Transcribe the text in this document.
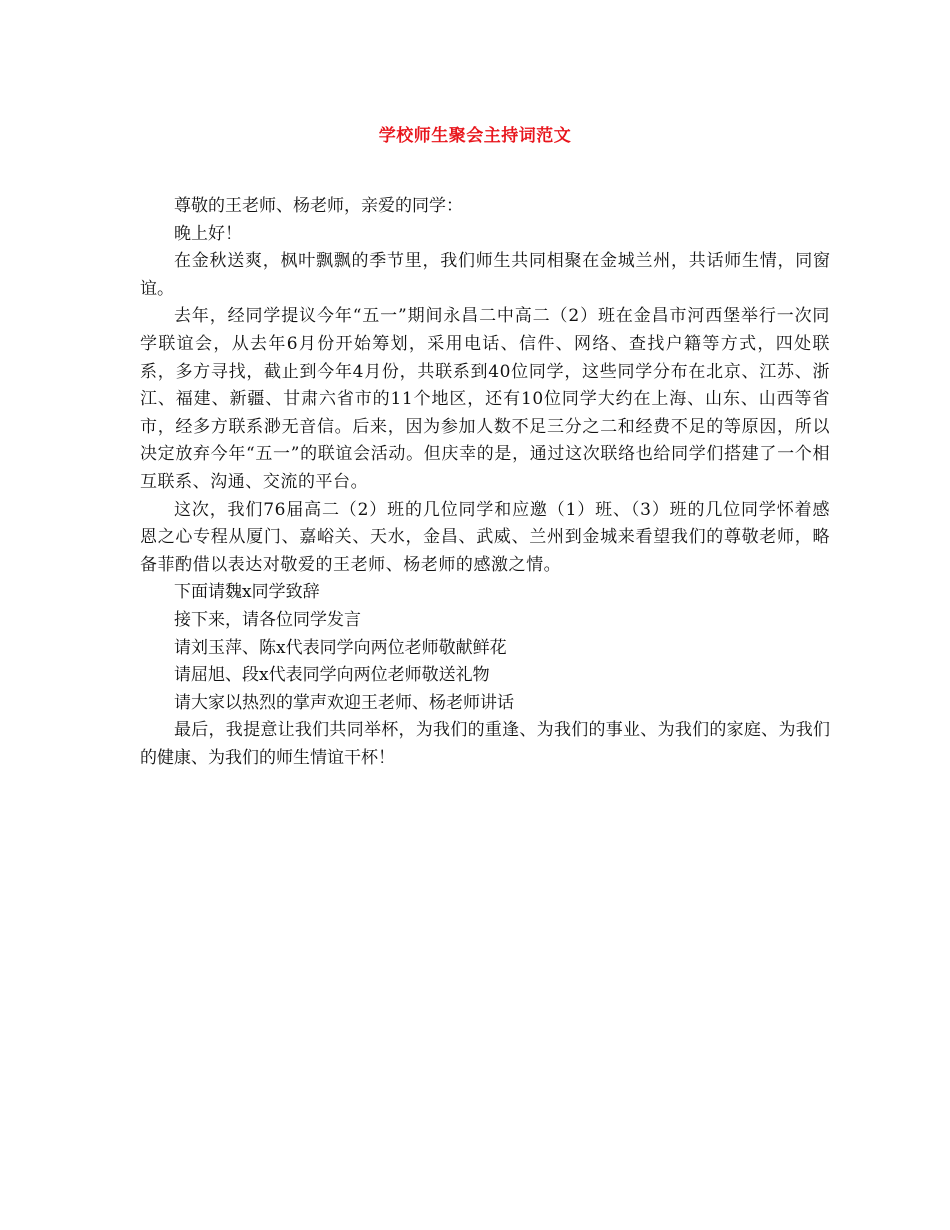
学校师生聚会主持词范文

尊敬的王老师、杨老师，亲爱的同学：

晚上好！

在金秋送爽，枫叶飘飘的季节里，我们师生共同相聚在金城兰州，共话师生情，同窗谊。

去年，经同学提议今年“五一”期间永昌二中高二（2）班在金昌市河西堡举行一次同学联谊会，从去年6月份开始筹划，采用电话、信件、网络、查找户籍等方式，四处联系，多方寻找，截止到今年4月份，共联系到40位同学，这些同学分布在北京、江苏、浙江、福建、新疆、甘肃六省市的11个地区，还有10位同学大约在上海、山东、山西等省市，经多方联系渺无音信。后来，因为参加人数不足三分之二和经费不足的等原因，所以决定放弃今年“五一”的联谊会活动。但庆幸的是，通过这次联络也给同学们搭建了一个相互联系、沟通、交流的平台。

这次，我们76届高二（2）班的几位同学和应邀（1）班、（3）班的几位同学怀着感恩之心专程从厦门、嘉峪关、天水，金昌、武威、兰州到金城来看望我们的尊敬老师，略备菲酌借以表达对敬爱的王老师、杨老师的感激之情。

下面请魏x同学致辞

接下来，请各位同学发言

请刘玉萍、陈x代表同学向两位老师敬献鲜花

请屈旭、段x代表同学向两位老师敬送礼物

请大家以热烈的掌声欢迎王老师、杨老师讲话

最后，我提意让我们共同举杯，为我们的重逢、为我们的事业、为我们的家庭、为我们的健康、为我们的师生情谊干杯！
